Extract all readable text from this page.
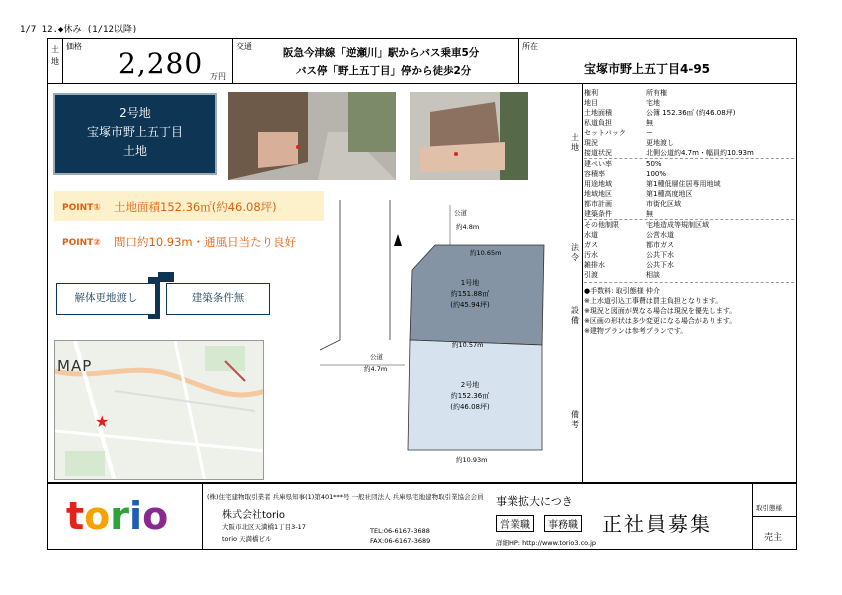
1/7 12.◆休み (1/12以降)
土地
価格
2,280 万円
交通
阪急今津線「逆瀬川」駅からバス乗車5分
バス停「野上五丁目」停から徒歩2分
所在
宝塚市野上五丁目4-95
2号地
宝塚市野上五丁目
土地
POINT① 土地面積152.36㎡(約46.08坪)
POINT② 間口約10.93m・通風日当たり良好
解体更地渡し	建築条件無
★
MAP
N
公道
約4.8m
約10.65m
1号地
約151.88㎡
(約45.94坪)
約10.57m
公道
約4.7m
2号地
約152.36㎡
(約46.08坪)
約10.93m
土地
法令
設備
権利	所有権
地目	宅地
土地面積	公簿 152.36㎡ (約46.08坪)
私道負担	無
セットバック	ー
現況	更地渡し
接道状況	北側公道約4.7m・幅員約10.93m
建ぺい率	50%
容積率	100%
用途地域	第1種低層住居専用地域
地域地区	第1種高度地区
都市計画	市街化区域
建築条件	無
その他制限	宅地造成等規制区域
水道	公営水道
ガス	都市ガス
汚水	公共下水
雑排水	公共下水
引渡	相談
備考
●手数料: 取引態様 仲介
※上水道引込工事費は買主負担となります。
※現況と図面が異なる場合は現況を優先します。
※区画の形状は多少変更になる場合があります。
※建物プランは参考プランです。
torio	(株)住宅建物取引業者 兵庫県知事(1)第401***号 一般社団法人 兵庫県宅地建物取引業協会会員
株式会社torio
大阪市北区天満橋1丁目3-17
torio 天満橋ビル
TEL:06-6167-3688
FAX:06-6167-3689
事業拡大につき
営業職	事務職 正社員募集
詳細HP: http://www.torio3.co.jp
取引態様
売主
